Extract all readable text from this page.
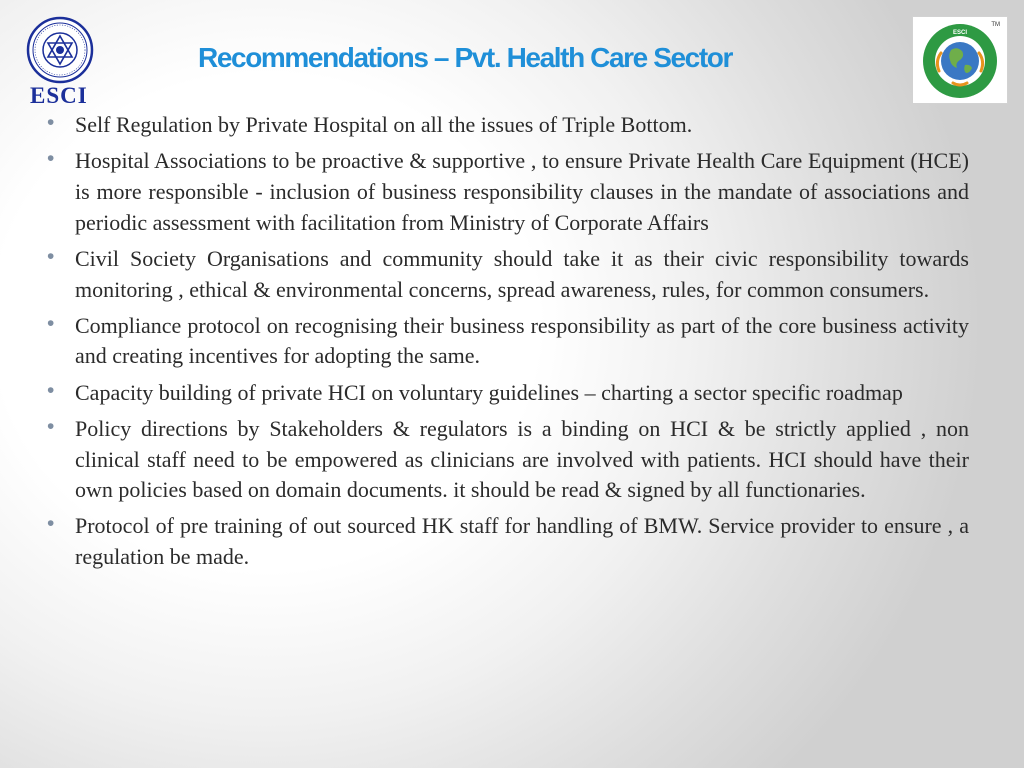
ESCI
Recommendations – Pvt. Health Care Sector
ESCI
TM
• Self Regulation by Private Hospital on all the issues of Triple Bottom.
• Hospital Associations to be proactive & supportive , to ensure Private Health Care Equipment (HCE) is more responsible - inclusion of business responsibility clauses in the mandate of associations and periodic assessment with facilitation from Ministry of Corporate Affairs
• Civil Society Organisations and community should take it as their civic responsibility towards monitoring , ethical & environmental concerns, spread awareness, rules, for common consumers.
• Compliance protocol on recognising their business responsibility as part of the core business activity and creating incentives for adopting the same.
• Capacity building of private HCI on voluntary guidelines – charting a sector specific roadmap
• Policy directions by Stakeholders & regulators is a binding on HCI & be strictly applied , non clinical staff need to be empowered as clinicians are involved with patients. HCI should have their own policies based on domain documents. it should be read & signed by all functionaries.
• Protocol of pre training of out sourced HK staff for handling of BMW. Service provider to ensure , a regulation be made.
